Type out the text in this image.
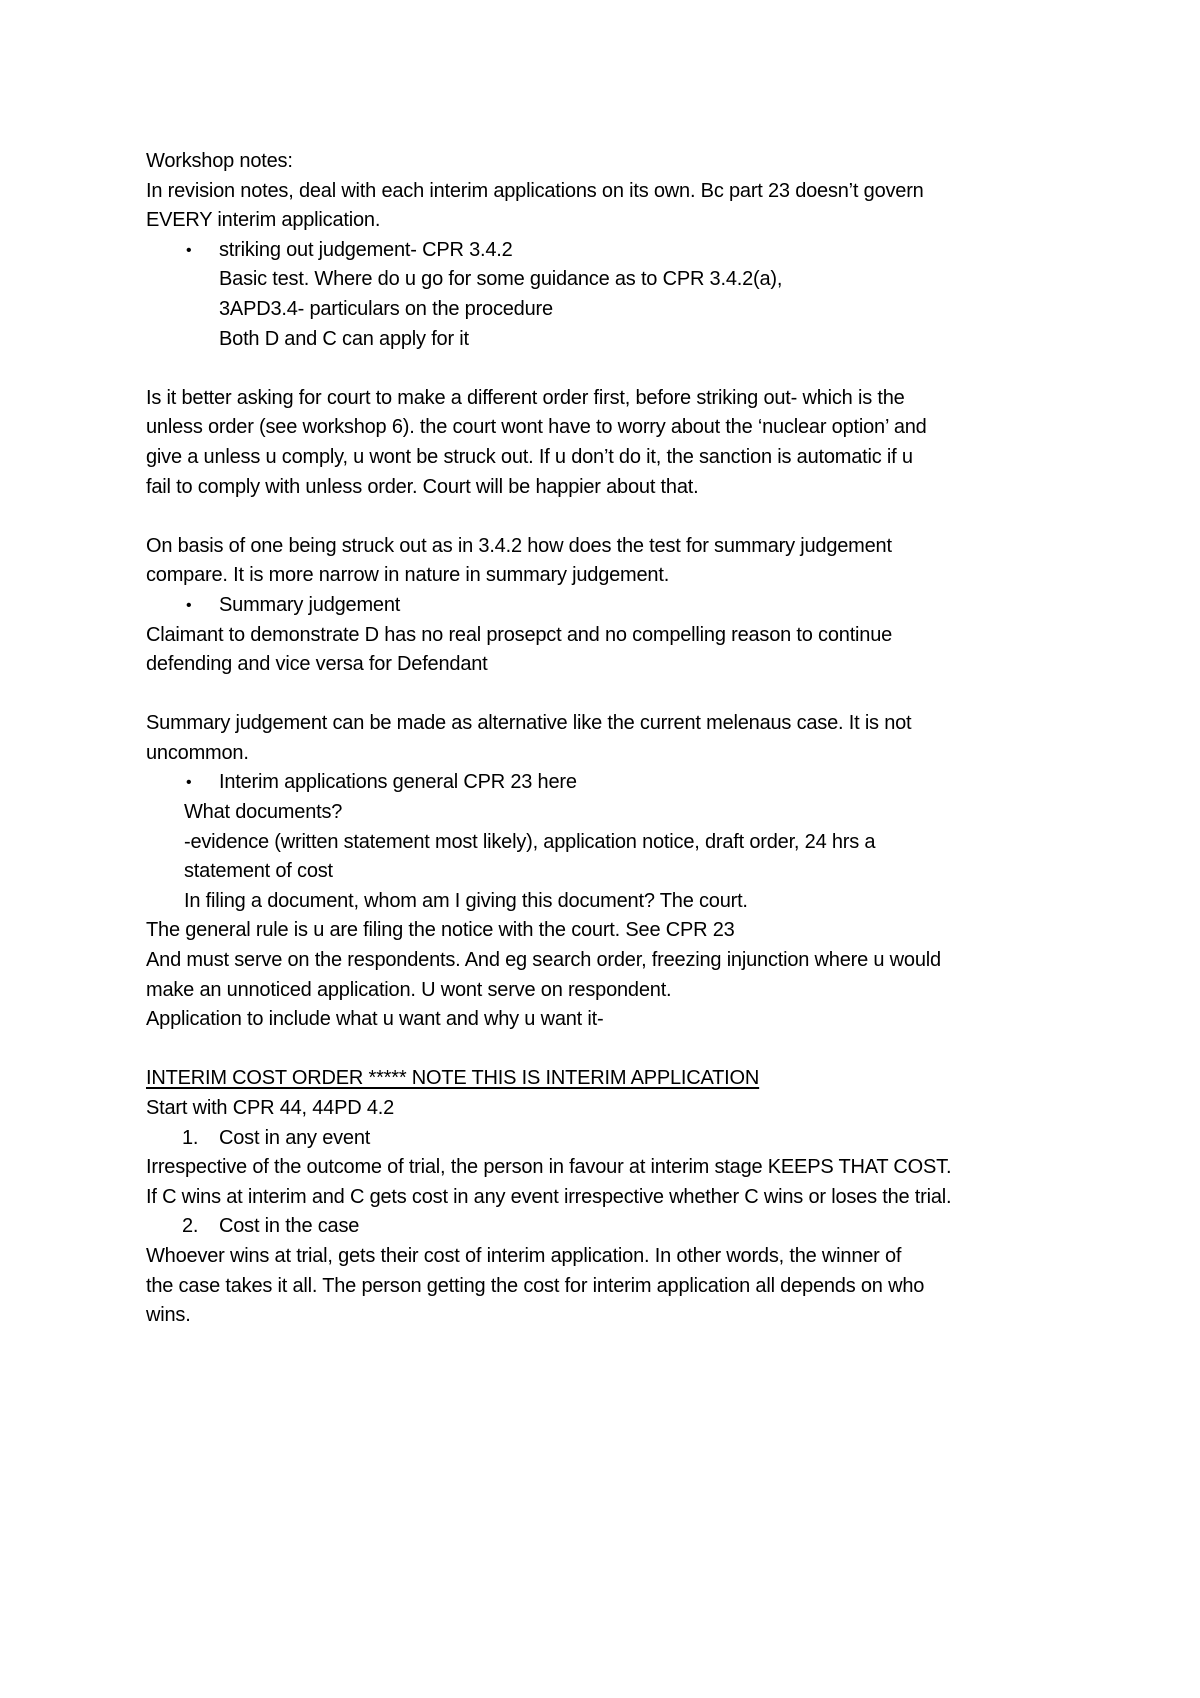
Workshop notes:
In revision notes, deal with each interim applications on its own. Bc part 23 doesn’t govern
EVERY interim application.
• striking out judgement- CPR 3.4.2
Basic test. Where do u go for some guidance as to CPR 3.4.2(a),
3APD3.4- particulars on the procedure
Both D and C can apply for it
Is it better asking for court to make a different order first, before striking out- which is the
unless order (see workshop 6). the court wont have to worry about the ‘nuclear option’ and
give a unless u comply, u wont be struck out. If u don’t do it, the sanction is automatic if u
fail to comply with unless order. Court will be happier about that.
On basis of one being struck out as in 3.4.2 how does the test for summary judgement
compare. It is more narrow in nature in summary judgement.
• Summary judgement
Claimant to demonstrate D has no real prosepct and no compelling reason to continue
defending and vice versa for Defendant
Summary judgement can be made as alternative like the current melenaus case. It is not
uncommon.
• Interim applications general CPR 23 here
What documents?
-evidence (written statement most likely), application notice, draft order, 24 hrs a
statement of cost
In filing a document, whom am I giving this document? The court.
The general rule is u are filing the notice with the court. See CPR 23
And must serve on the respondents. And eg search order, freezing injunction where u would
make an unnoticed application. U wont serve on respondent.
Application to include what u want and why u want it-
INTERIM COST ORDER ***** NOTE THIS IS INTERIM APPLICATION
Start with CPR 44, 44PD 4.2
1. Cost in any event
Irrespective of the outcome of trial, the person in favour at interim stage KEEPS THAT COST.
If C wins at interim and C gets cost in any event irrespective whether C wins or loses the trial.
2. Cost in the case
Whoever wins at trial, gets their cost of interim application. In other words, the winner of
the case takes it all. The person getting the cost for interim application all depends on who
wins.
